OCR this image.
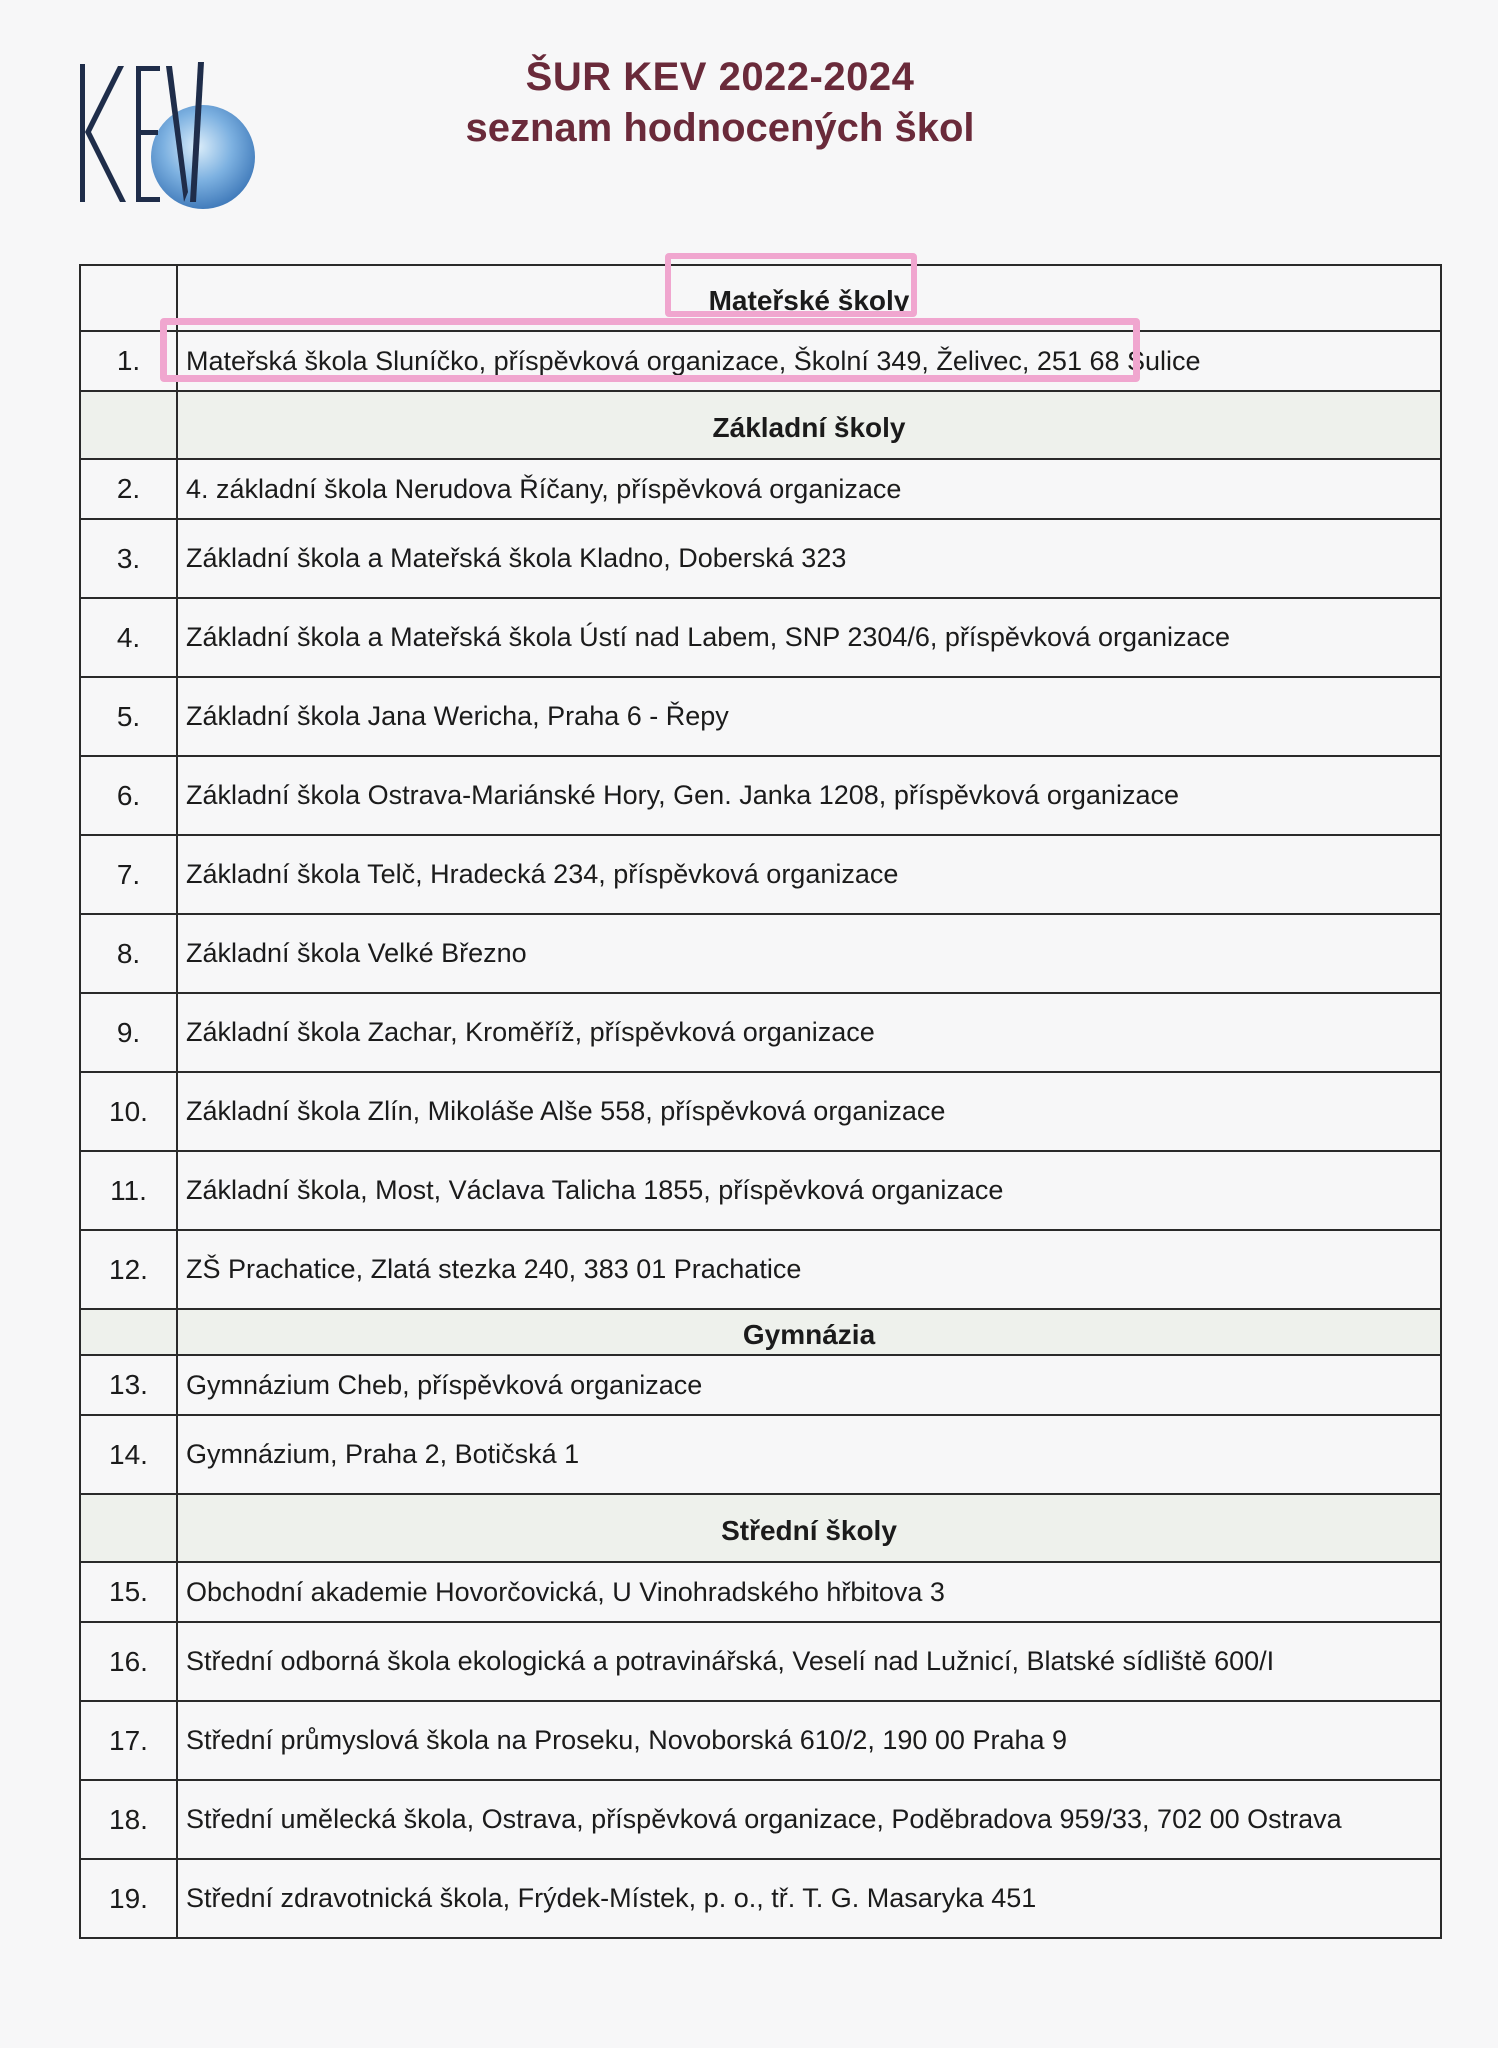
ŠUR KEV 2022-2024
seznam hodnocených škol
	Mateřské školy
1.	Mateřská škola Sluníčko, příspěvková organizace, Školní 349, Želivec, 251 68 Sulice
	Základní školy
2.	4. základní škola Nerudova Říčany, příspěvková organizace
3.	Základní škola a Mateřská škola Kladno, Doberská 323
4.	Základní škola a Mateřská škola Ústí nad Labem, SNP 2304/6, příspěvková organizace
5.	Základní škola Jana Wericha, Praha 6 - Řepy
6.	Základní škola Ostrava-Mariánské Hory, Gen. Janka 1208, příspěvková organizace
7.	Základní škola Telč, Hradecká 234, příspěvková organizace
8.	Základní škola Velké Březno
9.	Základní škola Zachar, Kroměříž, příspěvková organizace
10.	Základní škola Zlín, Mikoláše Alše 558, příspěvková organizace
11.	Základní škola, Most, Václava Talicha 1855, příspěvková organizace
12.	ZŠ Prachatice, Zlatá stezka 240, 383 01 Prachatice
	Gymnázia
13.	Gymnázium Cheb, příspěvková organizace
14.	Gymnázium, Praha 2, Botičská 1
	Střední školy
15.	Obchodní akademie Hovorčovická, U Vinohradského hřbitova 3
16.	Střední odborná škola ekologická a potravinářská, Veselí nad Lužnicí, Blatské sídliště 600/I
17.	Střední průmyslová škola na Proseku, Novoborská 610/2, 190 00 Praha 9
18.	Střední umělecká škola, Ostrava, příspěvková organizace, Poděbradova 959/33, 702 00 Ostrava
19.	Střední zdravotnická škola, Frýdek-Místek, p. o., tř. T. G. Masaryka 451
